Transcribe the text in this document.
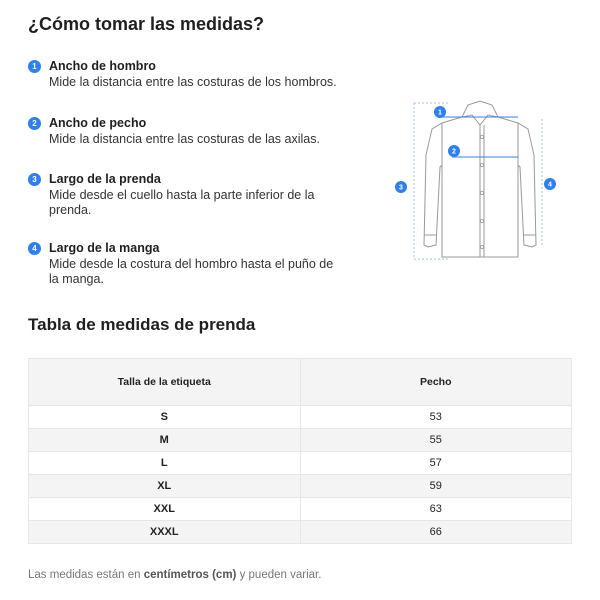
¿Cómo tomar las medidas?
1 Ancho de hombro
Mide la distancia entre las costuras de los hombros.
2 Ancho de pecho
Mide la distancia entre las costuras de las axilas.
3 Largo de la prenda
Mide desde el cuello hasta la parte inferior de la prenda.
4 Largo de la manga
Mide desde la costura del hombro hasta el puño de la manga.
1
2
3	4
Tabla de medidas de prenda
Talla de la etiqueta	Pecho
S	53
M	55
L	57
XL	59
XXL	63
XXXL	66
Las medidas están en centímetros (cm) y pueden variar.
